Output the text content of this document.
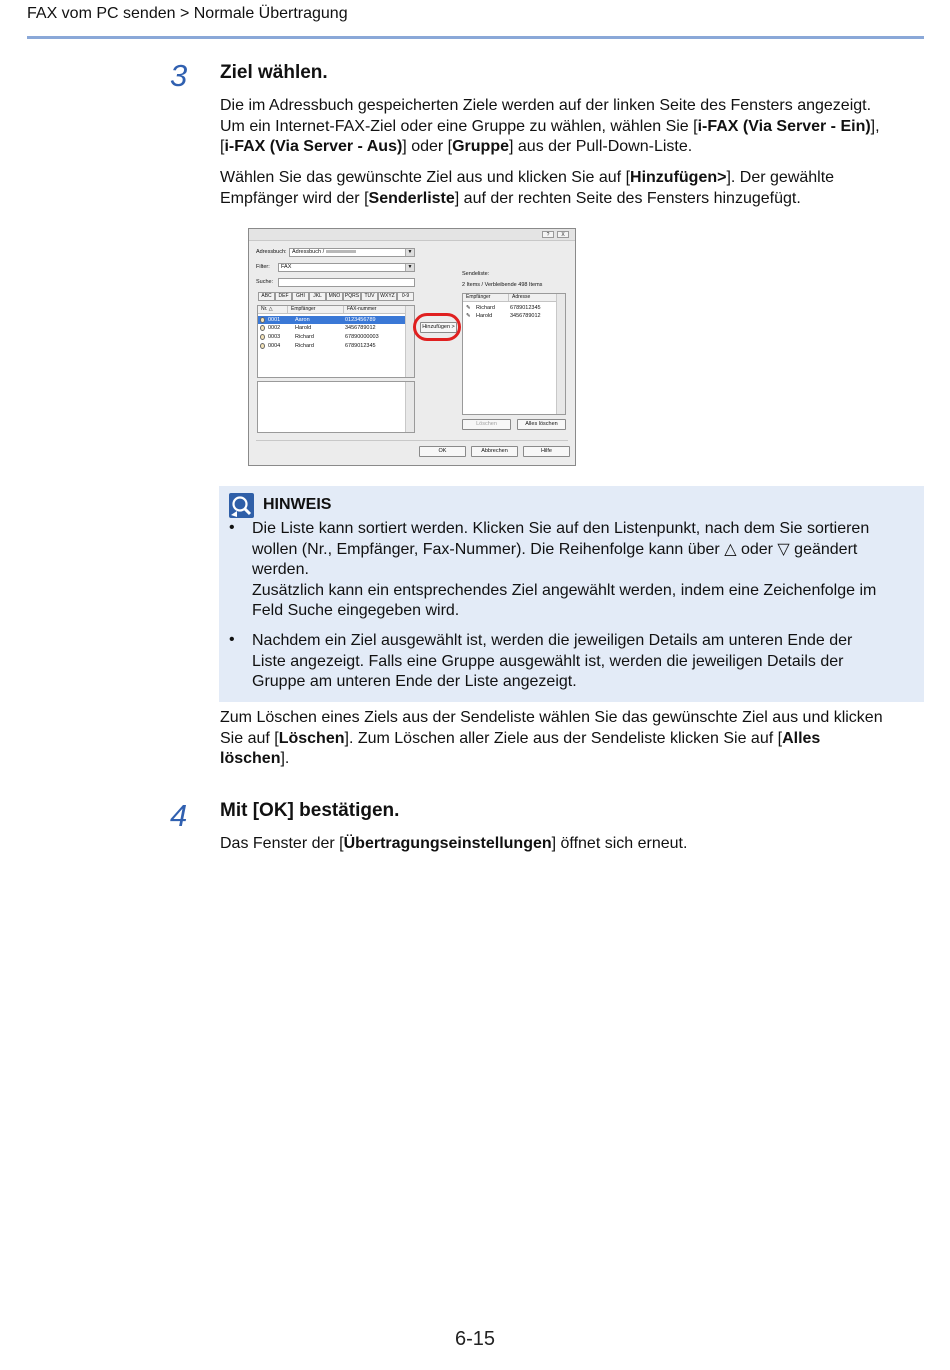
FAX vom PC senden > Normale Übertragung
3 Ziel wählen.
Die im Adressbuch gespeicherten Ziele werden auf der linken Seite des Fensters angezeigt.
Um ein Internet-FAX-Ziel oder eine Gruppe zu wählen, wählen Sie [i-FAX (Via Server - Ein)],
[i-FAX (Via Server - Aus)] oder [Gruppe] aus der Pull-Down-Liste.
Wählen Sie das gewünschte Ziel aus und klicken Sie auf [Hinzufügen>]. Der gewählte
Empfänger wird der [Senderliste] auf der rechten Seite des Fensters hinzugefügt.
?	X
Adressbuch: Adressbuch /	▼
Filter:	FAX	▼
Suche:
ABC	DEF	GHI	JKL	MNO PQRS	TUV	WXYZ	0-9
Nr. △	Empfänger	FAX-nummer
0001	Aaron	0123456789
0002	Harold	3456789012
0003	Richard	67890000003
0004	Richard	6789012345
Hinzufügen >
Sendeliste:
2 Items / Verbleibende 498 Items
Empfänger	Adresse
✎ Richard	6789012345
✎ Harold	3456789012
Löschen	Alles löschen
OK	Abbrechen	Hilfe
HINWEIS
• Die Liste kann sortiert werden. Klicken Sie auf den Listenpunkt, nach dem Sie sortieren
wollen (Nr., Empfänger, Fax-Nummer). Die Reihenfolge kann über △ oder ▽ geändert
werden.
Zusätzlich kann ein entsprechendes Ziel angewählt werden, indem eine Zeichenfolge im
Feld Suche eingegeben wird.
• Nachdem ein Ziel ausgewählt ist, werden die jeweiligen Details am unteren Ende der
Liste angezeigt. Falls eine Gruppe ausgewählt ist, werden die jeweiligen Details der
Gruppe am unteren Ende der Liste angezeigt.
Zum Löschen eines Ziels aus der Sendeliste wählen Sie das gewünschte Ziel aus und klicken
Sie auf [Löschen]. Zum Löschen aller Ziele aus der Sendeliste klicken Sie auf [Alles
löschen].
4 Mit [OK] bestätigen.
Das Fenster der [Übertragungseinstellungen] öffnet sich erneut.
6-15
